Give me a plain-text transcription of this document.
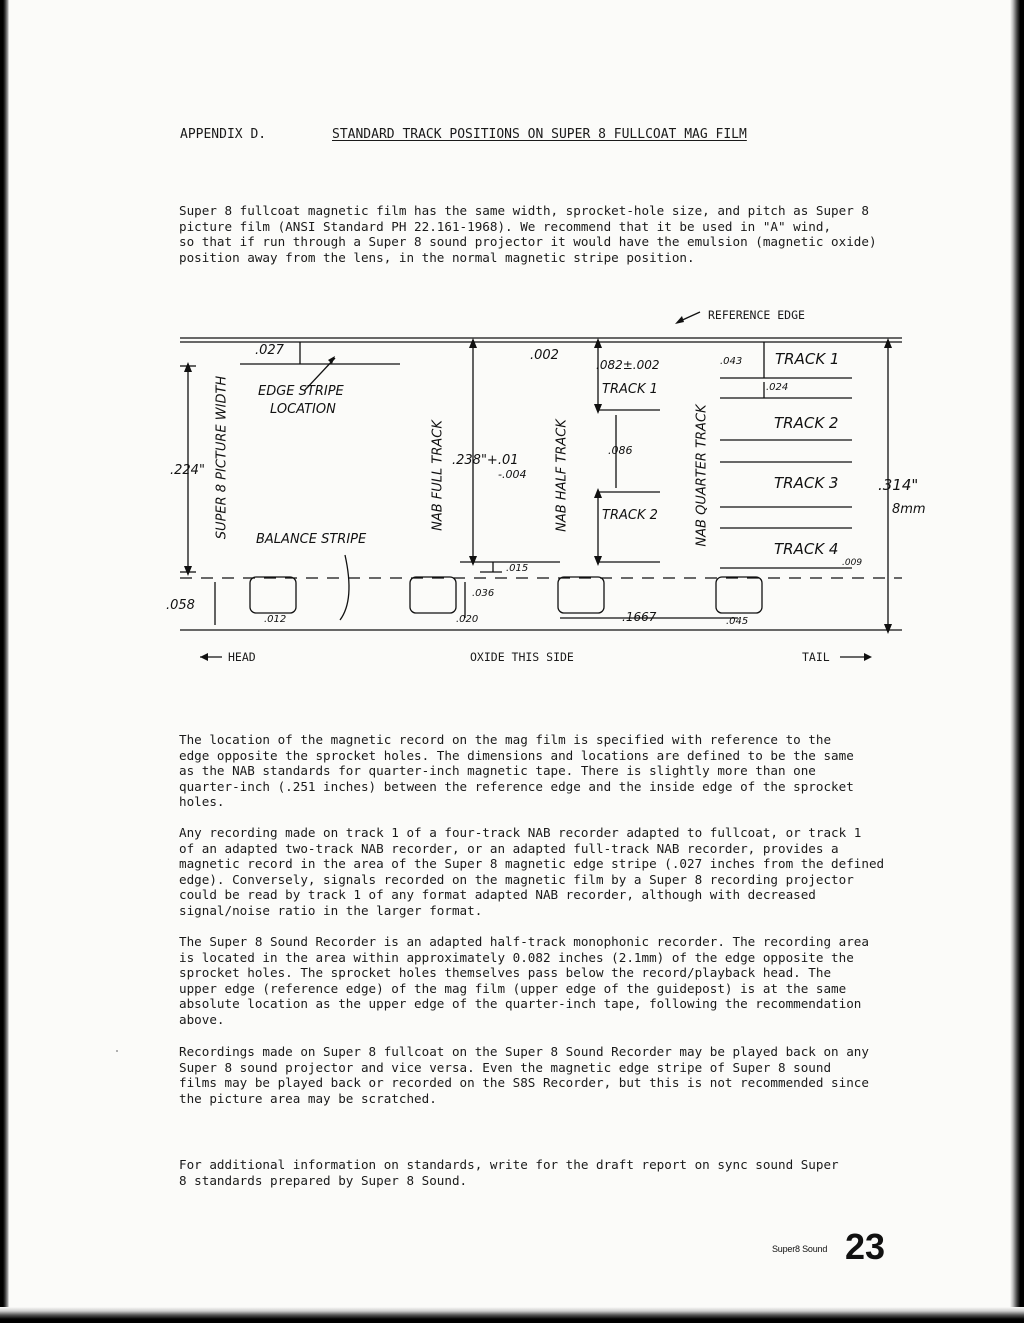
APPENDIX D.	STANDARD TRACK POSITIONS ON SUPER 8 FULLCOAT MAG FILM

Super 8 fullcoat magnetic film has the same width, sprocket-hole size, and pitch as Super 8
picture film (ANSI Standard PH 22.161-1968). We recommend that it be used in "A" wind,
so that if run through a Super 8 sound projector it would have the emulsion (magnetic oxide)
position away from the lens, in the normal magnetic stripe position.

REFERENCE EDGE
.027
EDGE STRIPE
LOCATION
BALANCE STRIPE
.224"
.058
.012
SUPER 8 PICTURE WIDTH	NAB FULL TRACK	NAB HALF TRACK	NAB QUARTER TRACK
.002
.238"+.01
-.004
.015
.036
.020
.082±.002
TRACK 1
.086
TRACK 2
.1667
.043 TRACK 1
.024
TRACK 2
TRACK 3
TRACK 4
.009
.045
.314"
8mm
HEAD	OXIDE THIS SIDE	TAIL

The location of the magnetic record on the mag film is specified with reference to the
edge opposite the sprocket holes. The dimensions and locations are defined to be the same
as the NAB standards for quarter-inch magnetic tape. There is slightly more than one
quarter-inch (.251 inches) between the reference edge and the inside edge of the sprocket
holes.

Any recording made on track 1 of a four-track NAB recorder adapted to fullcoat, or track 1
of an adapted two-track NAB recorder, or an adapted full-track NAB recorder, provides a
magnetic record in the area of the Super 8 magnetic edge stripe (.027 inches from the defined
edge). Conversely, signals recorded on the magnetic film by a Super 8 recording projector
could be read by track 1 of any format adapted NAB recorder, although with decreased
signal/noise ratio in the larger format.

The Super 8 Sound Recorder is an adapted half-track monophonic recorder. The recording area
is located in the area within approximately 0.082 inches (2.1mm) of the edge opposite the
sprocket holes. The sprocket holes themselves pass below the record/playback head. The
upper edge (reference edge) of the mag film (upper edge of the guidepost) is at the same
absolute location as the upper edge of the quarter-inch tape, following the recommendation
above.

Recordings made on Super 8 fullcoat on the Super 8 Sound Recorder may be played back on any
Super 8 sound projector and vice versa. Even the magnetic edge stripe of Super 8 sound
films may be played back or recorded on the S8S Recorder, but this is not recommended since
the picture area may be scratched.

For additional information on standards, write for the draft report on sync sound Super
8 standards prepared by Super 8 Sound.

Super8 Sound 23
